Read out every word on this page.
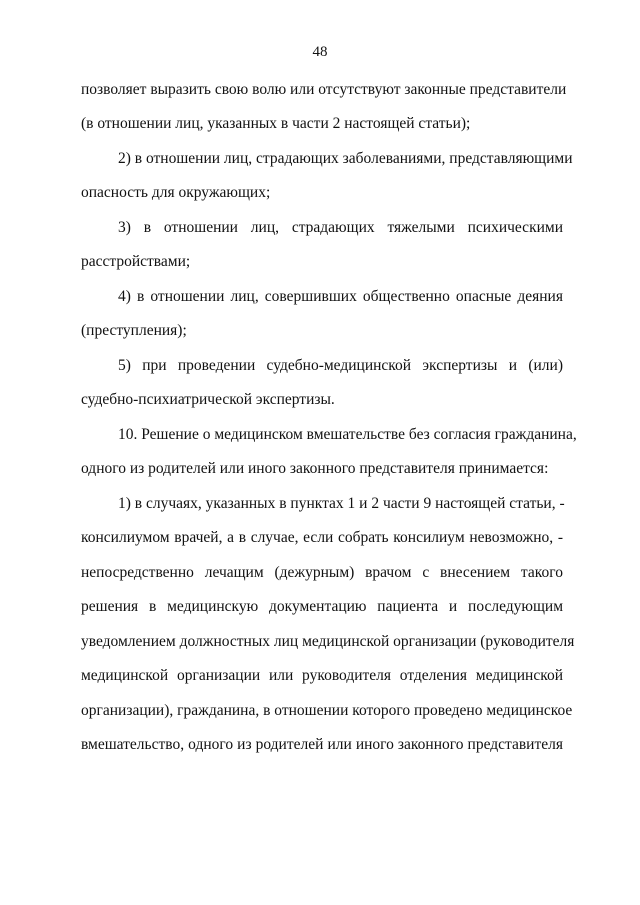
48
позволяет выразить свою волю или отсутствуют законные представители
(в отношении лиц, указанных в части 2 настоящей статьи);
2) в отношении лиц, страдающих заболеваниями, представляющими
опасность для окружающих;
3) в отношении лиц, страдающих тяжелыми психическими
расстройствами;
4) в отношении лиц, совершивших общественно опасные деяния
(преступления);
5) при проведении судебно-медицинской экспертизы и (или)
судебно-психиатрической экспертизы.
10. Решение о медицинском вмешательстве без согласия гражданина,
одного из родителей или иного законного представителя принимается:
1) в случаях, указанных в пунктах 1 и 2 части 9 настоящей статьи, -
консилиумом врачей, а в случае, если собрать консилиум невозможно, -
непосредственно лечащим (дежурным) врачом с внесением такого
решения в медицинскую документацию пациента и последующим
уведомлением должностных лиц медицинской организации (руководителя
медицинской организации или руководителя отделения медицинской
организации), гражданина, в отношении которого проведено медицинское
вмешательство, одного из родителей или иного законного представителя
